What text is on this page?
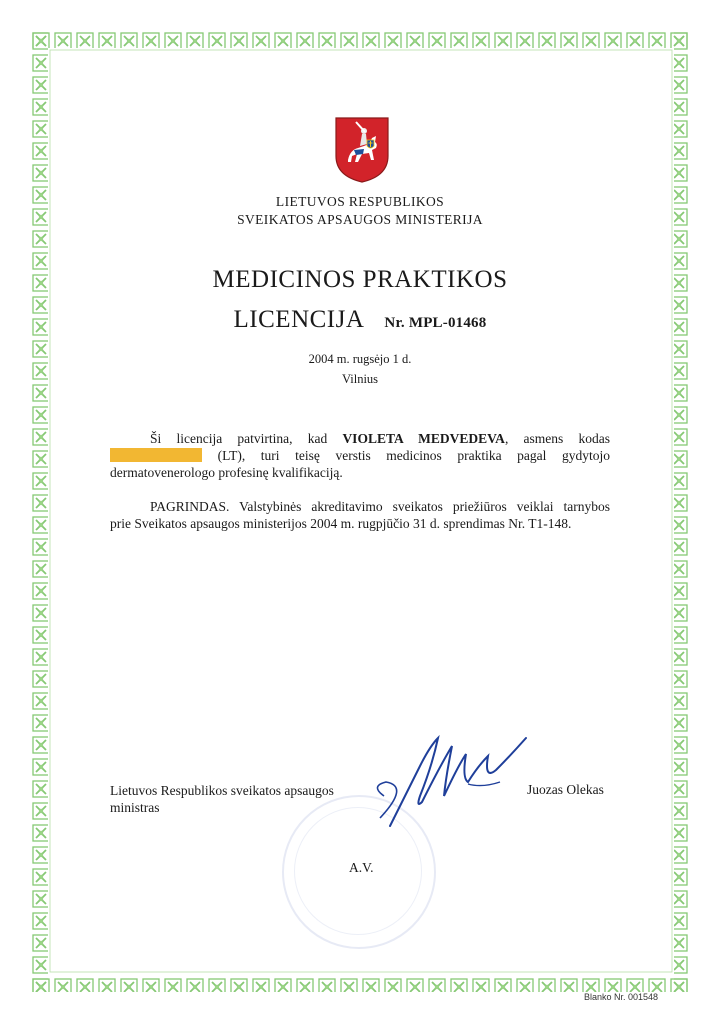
LIETUVOS RESPUBLIKOS
SVEIKATOS APSAUGOS MINISTERIJA
MEDICINOS PRAKTIKOS
LICENCIJA Nr. MPL-01468
2004 m. rugsėjo 1 d.
Vilnius
Ši licencija patvirtina, kad VIOLETA MEDVEDEVA, asmens kodas
(LT), turi teisę verstis medicinos praktika pagal gydytojo
dermatovenerologo profesinę kvalifikaciją.
PAGRINDAS. Valstybinės akreditavimo sveikatos priežiūros veiklai tarnybos
prie Sveikatos apsaugos ministerijos 2004 m. rugpjūčio 31 d. sprendimas Nr. T1-148.
Lietuvos Respublikos sveikatos apsaugos
ministras
Juozas Olekas
A.V.
Blanko Nr. 001548
